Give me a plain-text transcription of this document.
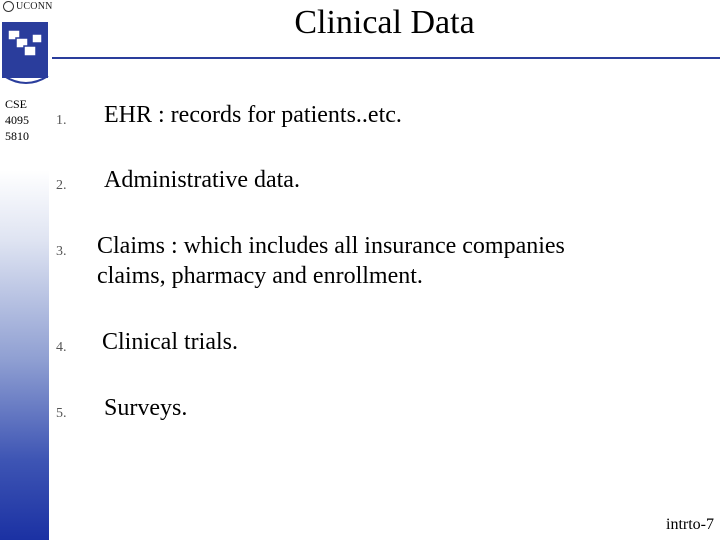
UCONN
CSE
4095
5810
Clinical Data
1. EHR : records for patients..etc.
2. Administrative data.
3. Claims : which includes all insurance companies
claims, pharmacy and enrollment.
4. Clinical trials.
5. Surveys.
intrto-7
